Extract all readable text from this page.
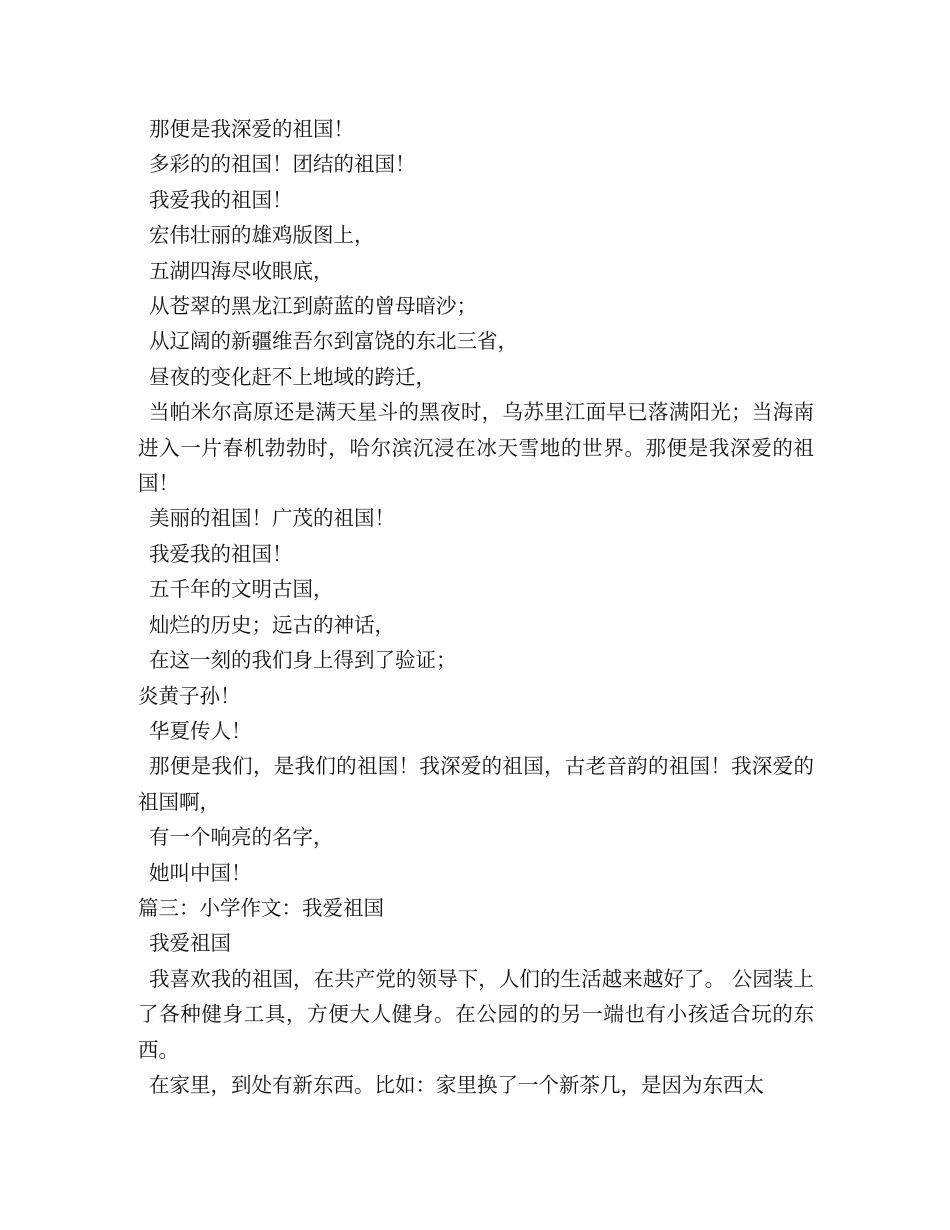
那便是我深爱的祖国！
多彩的的祖国！团结的祖国！
我爱我的祖国！
宏伟壮丽的雄鸡版图上，
五湖四海尽收眼底，
从苍翠的黑龙江到蔚蓝的曾母暗沙；
从辽阔的新疆维吾尔到富饶的东北三省，
昼夜的变化赶不上地域的跨迁，
当帕米尔高原还是满天星斗的黑夜时，乌苏里江面早已落满阳光；当海南进入一片春机勃勃时，哈尔滨沉浸在冰天雪地的世界。那便是我深爱的祖国！
美丽的祖国！广茂的祖国！
我爱我的祖国！
五千年的文明古国，
灿烂的历史；远古的神话，
在这一刻的我们身上得到了验证；
炎黄子孙！
华夏传人！
那便是我们，是我们的祖国！我深爱的祖国，古老音韵的祖国！我深爱的祖国啊，
有一个响亮的名字，
她叫中国！
篇三：小学作文：我爱祖国
我爱祖国
我喜欢我的祖国，在共产党的领导下，人们的生活越来越好了。 公园装上了各种健身工具，方便大人健身。在公园的的另一端也有小孩适合玩的东西。
在家里，到处有新东西。比如：家里换了一个新茶几，是因为东西太
